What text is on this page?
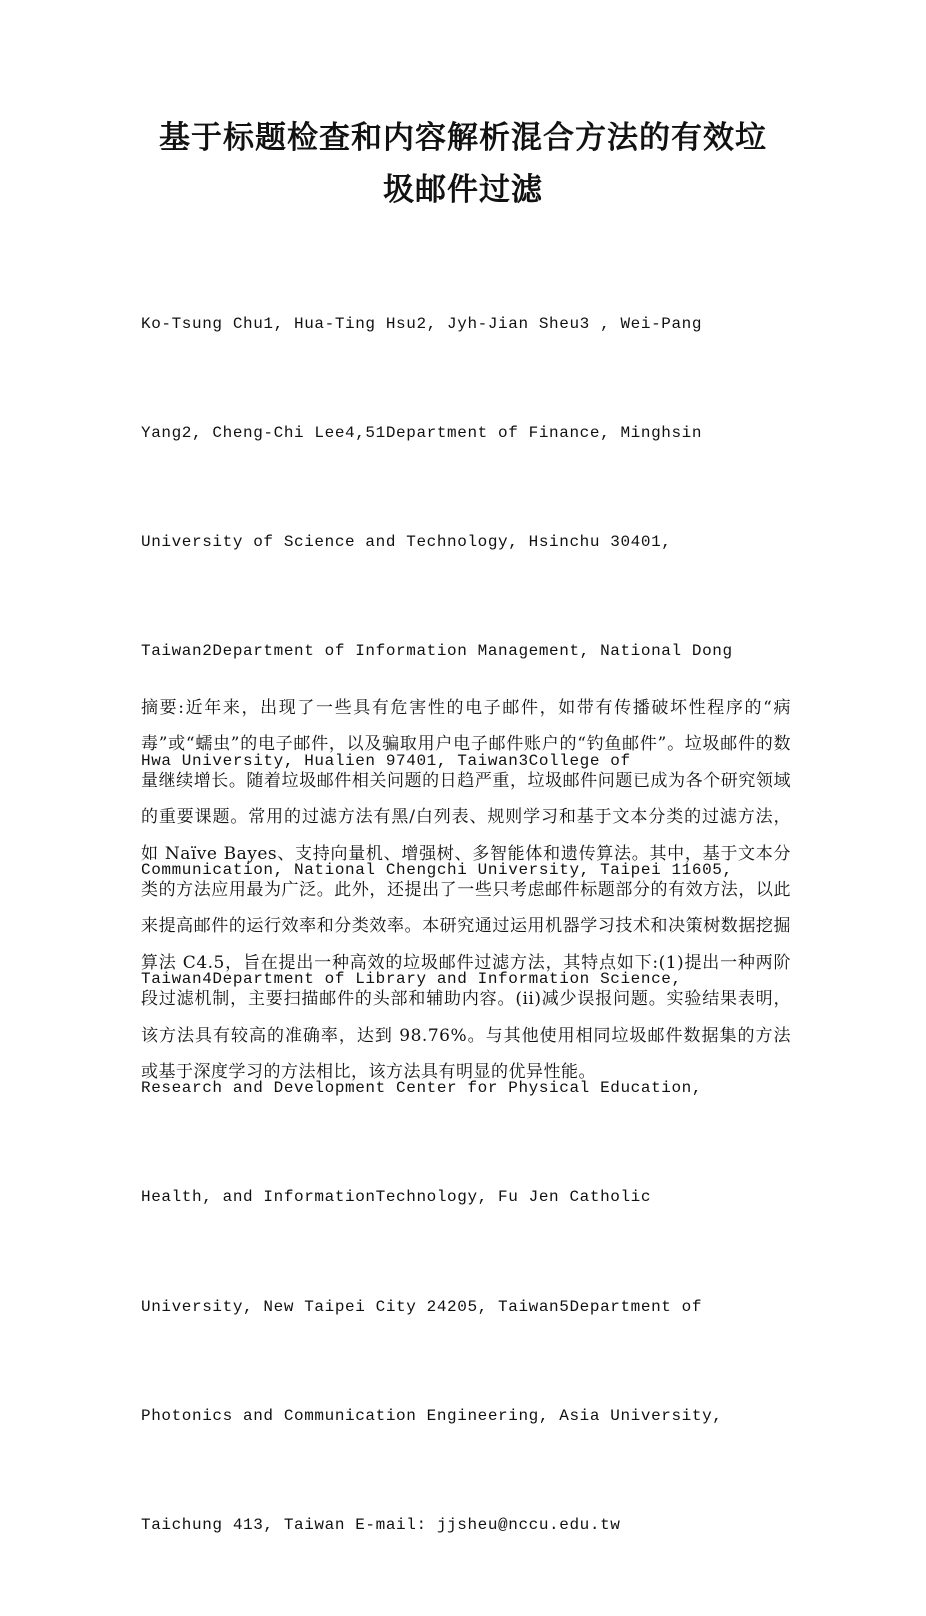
基于标题检查和内容解析混合方法的有效垃
圾邮件过滤

Ko-Tsung Chu1, Hua-Ting Hsu2, Jyh-Jian Sheu3 , Wei-Pang

Yang2, Cheng-Chi Lee4,51Department of Finance, Minghsin

University of Science and Technology, Hsinchu 30401,

Taiwan2Department of Information Management, National Dong

Hwa University, Hualien 97401, Taiwan3College of

Communication, National Chengchi University, Taipei 11605,

Taiwan4Department of Library and Information Science,

Research and Development Center for Physical Education,

Health, and InformationTechnology, Fu Jen Catholic

University, New Taipei City 24205, Taiwan5Department of

Photonics and Communication Engineering, Asia University,

Taichung 413, Taiwan E-mail: jjsheu@nccu.edu.tw

摘要:近年来，出现了一些具有危害性的电子邮件，如带有传播破坏性程序的“病毒”或“蠕虫”的电子邮件，以及骗取用户电子邮件账户的“钓鱼邮件”。垃圾邮件的数量继续增长。随着垃圾邮件相关问题的日趋严重，垃圾邮件问题已成为各个研究领域的重要课题。常用的过滤方法有黑/白列表、规则学习和基于文本分类的过滤方法，如 Naïve Bayes、支持向量机、增强树、多智能体和遗传算法。其中，基于文本分类的方法应用最为广泛。此外，还提出了一些只考虑邮件标题部分的有效方法，以此来提高邮件的运行效率和分类效率。本研究通过运用机器学习技术和决策树数据挖掘算法 C4.5，旨在提出一种高效的垃圾邮件过滤方法，其特点如下:(1)提出一种两阶段过滤机制，主要扫描邮件的头部和辅助内容。(ii)减少误报问题。实验结果表明，该方法具有较高的准确率，达到 98.76%。与其他使用相同垃圾邮件数据集的方法或基于深度学习的方法相比，该方法具有明显的优异性能。
